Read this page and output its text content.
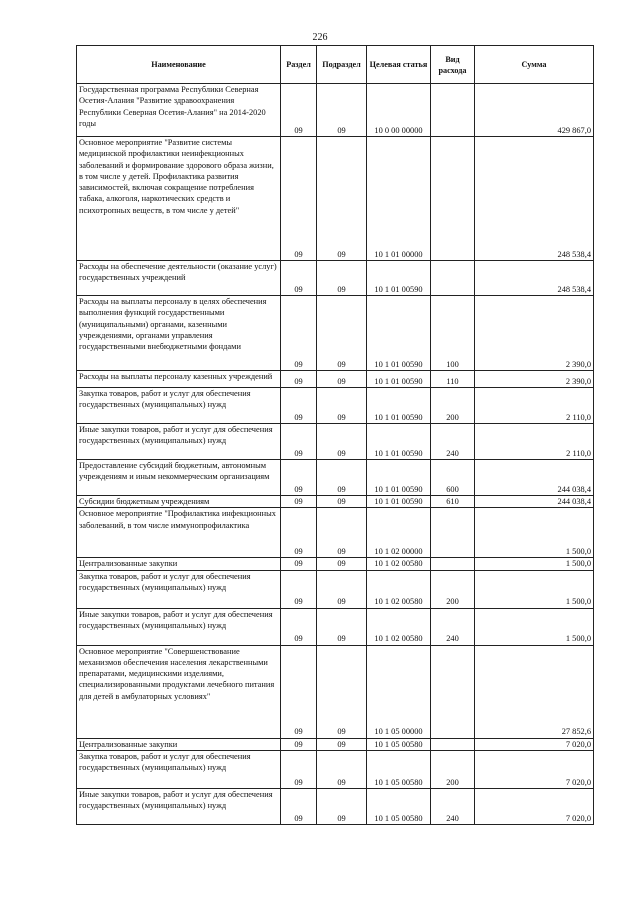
226
Наименование	Раздел	Подраздел	Целевая статья	Вид расхода	Сумма
Государственная программа Республики Северная Осетия-Алания "Развитие здравоохранения Республики Северная Осетия-Алания" на 2014-2020 годы	09	09	10 0 00 00000		429 867,0
Основное мероприятие "Развитие системы медицинской профилактики неинфекционных заболеваний и формирование здорового образа жизни, в том числе у детей. Профилактика развития зависимостей, включая сокращение потребления табака, алкоголя, наркотических средств и психотропных веществ, в том числе у детей"	09	09	10 1 01 00000		248 538,4
Расходы на обеспечение деятельности (оказание услуг) государственных учреждений	09	09	10 1 01 00590		248 538,4
Расходы на выплаты персоналу в целях обеспечения выполнения функций государственными (муниципальными) органами, казенными учреждениями, органами управления государственными внебюджетными фондами	09	09	10 1 01 00590	100	2 390,0
Расходы на выплаты персоналу казенных учреждений	09	09	10 1 01 00590	110	2 390,0
Закупка товаров, работ и услуг для обеспечения государственных (муниципальных) нужд	09	09	10 1 01 00590	200	2 110,0
Иные закупки товаров, работ и услуг для обеспечения государственных (муниципальных) нужд	09	09	10 1 01 00590	240	2 110,0
Предоставление субсидий бюджетным, автономным учреждениям и иным некоммерческим организациям	09	09	10 1 01 00590	600	244 038,4
Субсидии бюджетным учреждениям	09	09	10 1 01 00590	610	244 038,4
Основное мероприятие "Профилактика инфекционных заболеваний, в том числе иммунопрофилактика	09	09	10 1 02 00000		1 500,0
Централизованные закупки	09	09	10 1 02 00580		1 500,0
Закупка товаров, работ и услуг для обеспечения государственных (муниципальных) нужд	09	09	10 1 02 00580	200	1 500,0
Иные закупки товаров, работ и услуг для обеспечения государственных (муниципальных) нужд	09	09	10 1 02 00580	240	1 500,0
Основное мероприятие "Совершенствование механизмов обеспечения населения лекарственными препаратами, медицинскими изделиями, специализированными продуктами лечебного питания для детей в амбулаторных условиях"	09	09	10 1 05 00000		27 852,6
Централизованные закупки	09	09	10 1 05 00580		7 020,0
Закупка товаров, работ и услуг для обеспечения государственных (муниципальных) нужд	09	09	10 1 05 00580	200	7 020,0
Иные закупки товаров, работ и услуг для обеспечения государственных (муниципальных) нужд	09	09	10 1 05 00580	240	7 020,0
